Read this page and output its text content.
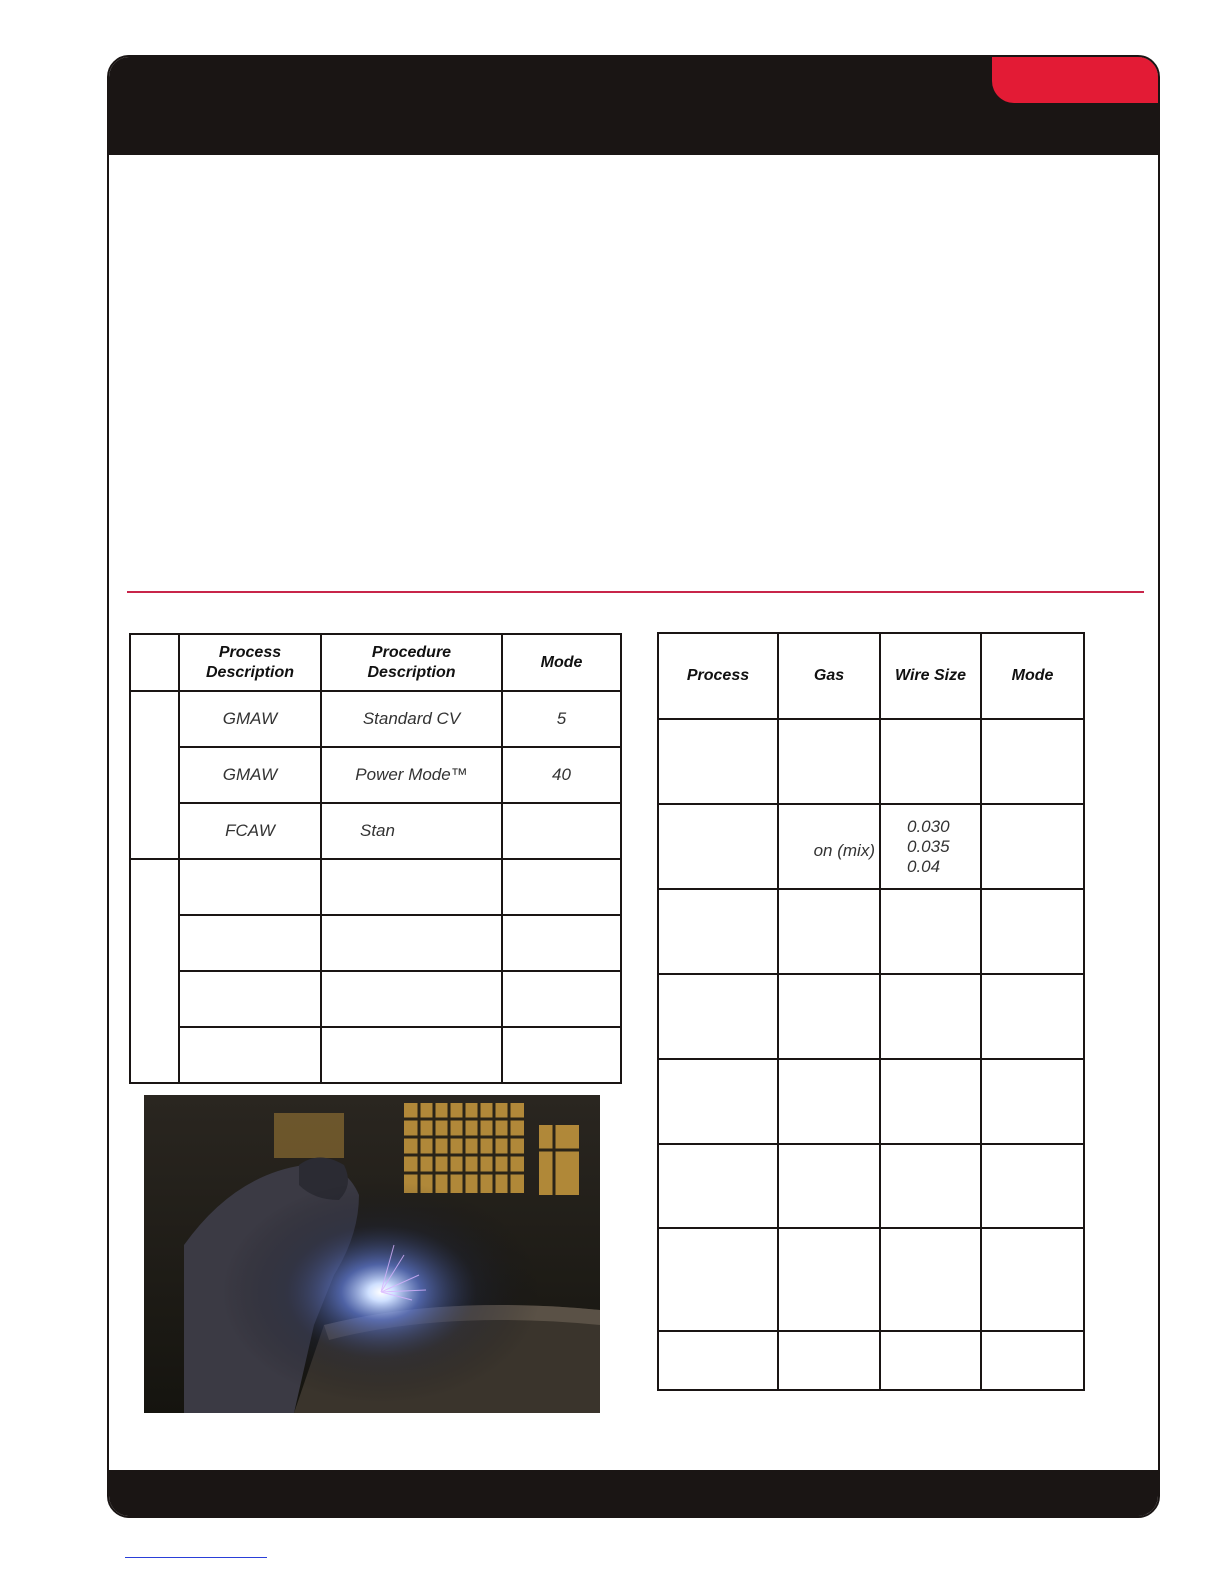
	Process Description	Procedure Description	Mode
	GMAW	Standard CV	5
	GMAW	Power Mode™	40
	FCAW	Stan	

Process	Gas	Wire Size	Mode

	on (mix)	0.030
0.035
0.04	
